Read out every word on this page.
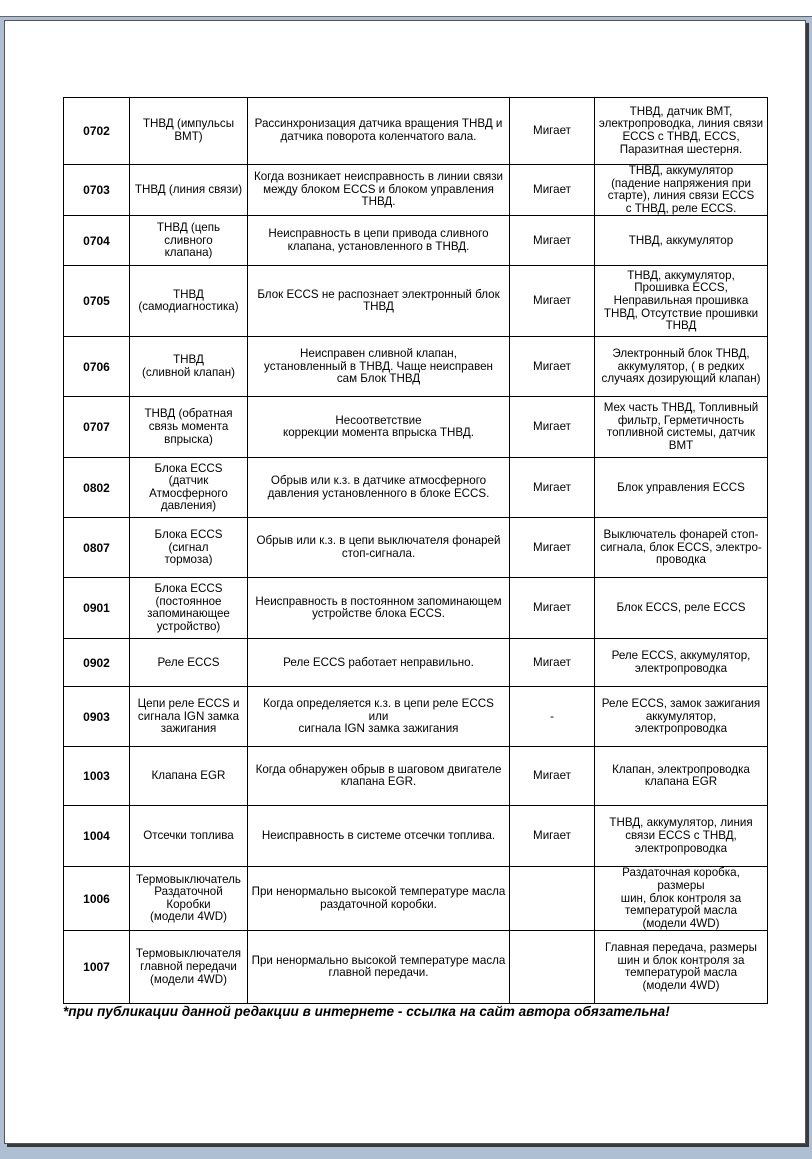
0702	ТНВД (импульсы
ВМТ)	Рассинхронизация датчика вращения ТНВД и
датчика поворота коленчатого вала.	Мигает	ТНВД, датчик ВМТ,
электропроводка, линия связи
ECCS с ТНВД, ECCS,
Паразитная шестерня.

0703	ТНВД (линия связи)	Когда возникает неисправность в линии связи
между блоком ECCS и блоком управления
ТНВД.	Мигает	ТНВД, аккумулятор
(падение напряжения при
старте), линия связи ECCS
с ТНВД, реле ECCS.

0704	ТНВД (цепь
сливного
клапана)	Неисправность в цепи привода сливного
клапана, установленного в ТНВД.	Мигает	ТНВД, аккумулятор

0705	ТНВД
(самодиагностика)	Блок ECCS не распознает электронный блок
ТНВД	Мигает	ТНВД, аккумулятор,
Прошивка ECCS,
Неправильная прошивка
ТНВД, Отсутствие прошивки
ТНВД

0706	ТНВД
(сливной клапан)	Неисправен сливной клапан,
установленный в ТНВД. Чаще неисправен
сам Блок ТНВД	Мигает	Электронный блок ТНВД,
аккумулятор, ( в редких
случаях дозирующий клапан)

0707	ТНВД (обратная
связь момента
впрыска)	Несоответствие
коррекции момента впрыска ТНВД.	Мигает	Мех часть ТНВД, Топливный
фильтр, Герметичность
топливной системы, датчик
ВМТ

0802	Блока ECCS
(датчик
Атмосферного
давления)	Обрыв или к.з. в датчике атмосферного
давления установленного в блоке ECCS.	Мигает	Блок управления ECCS

0807	Блока ECCS
(сигнал
тормоза)	Обрыв или к.з. в цепи выключателя фонарей
стоп-сигнала.	Мигает	Выключатель фонарей стоп-
сигнала, блок ECCS, электро-
проводка

0901	Блока ECCS
(постоянное
запоминающее
устройство)	Неисправность в постоянном запоминающем
устройстве блока ECCS.	Мигает	Блок ECCS, реле ECCS

0902	Реле ECCS	Реле ECCS работает неправильно.	Мигает	Реле ECCS, аккумулятор,
электропроводка

0903	Цепи реле ECCS и
сигнала IGN замка
зажигания	Когда определяется к.з. в цепи реле ECCS
или
сигнала IGN замка зажигания	-	Реле ECCS, замок зажигания
аккумулятор,
электропроводка

1003	Клапана EGR	Когда обнаружен обрыв в шаговом двигателе
клапана EGR.	Мигает	Клапан, электропроводка
клапана EGR

1004	Отсечки топлива	Неисправность в системе отсечки топлива.	Мигает	ТНВД, аккумулятор, линия
связи ECCS с ТНВД,
электропроводка

1006	Термовыключатель
Раздаточной
Коробки
(модели 4WD)	При ненормально высокой температуре масла
раздаточной коробки.		Раздаточная коробка,
размеры
шин, блок контроля за
температурой масла
(модели 4WD)

1007	Термовыключателя
главной передачи
(модели 4WD)	При ненормально высокой температуре масла
главной передачи.		Главная передача, размеры
шин и блок контроля за
температурой масла
(модели 4WD)
*при публикации данной редакции в интернете - ссылка на сайт автора обязательна!
